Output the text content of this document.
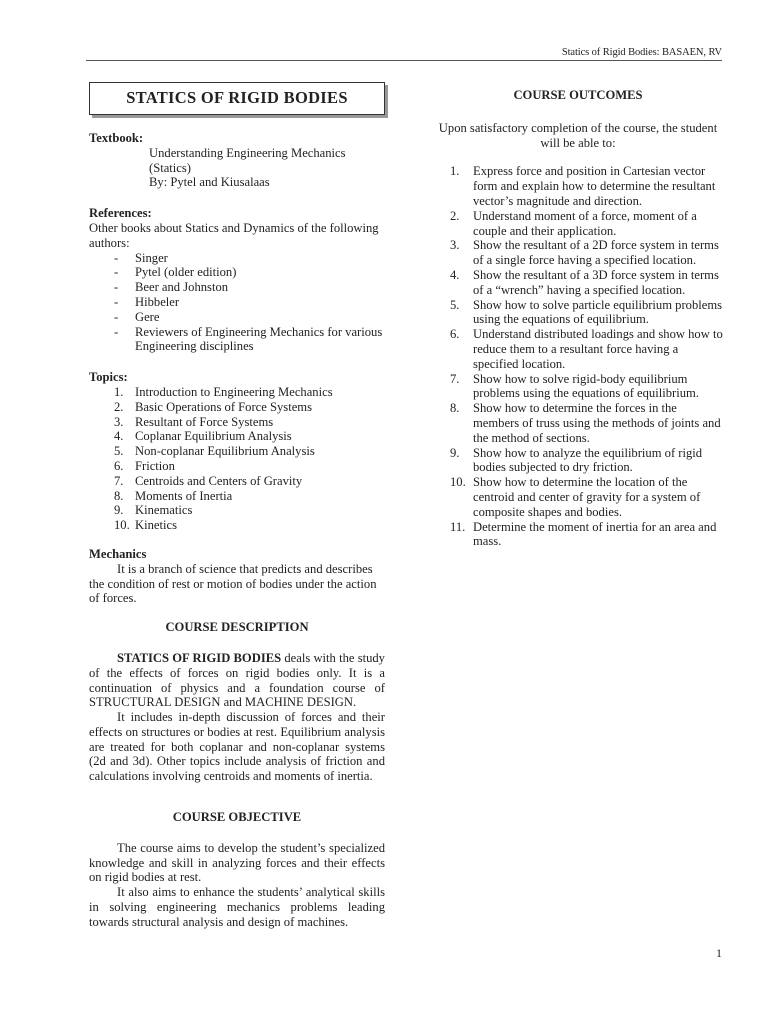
Statics of Rigid Bodies: BASAEN, RV
STATICS OF RIGID BODIES
Textbook:
Understanding Engineering Mechanics (Statics)
By: Pytel and Kiusalaas
References:
Other books about Statics and Dynamics of the following authors:
-	Singer
-	Pytel (older edition)
-	Beer and Johnston
-	Hibbeler
-	Gere
-	Reviewers of Engineering Mechanics for various Engineering disciplines
Topics:
1. Introduction to Engineering Mechanics
2. Basic Operations of Force Systems
3. Resultant of Force Systems
4. Coplanar Equilibrium Analysis
5. Non-coplanar Equilibrium Analysis
6. Friction
7. Centroids and Centers of Gravity
8. Moments of Inertia
9. Kinematics
10. Kinetics
Mechanics
It is a branch of science that predicts and describes the condition of rest or motion of bodies under the action of forces.
COURSE DESCRIPTION
STATICS OF RIGID BODIES deals with the study of the effects of forces on rigid bodies only. It is a continuation of physics and a foundation course of STRUCTURAL DESIGN and MACHINE DESIGN.
It includes in-depth discussion of forces and their effects on structures or bodies at rest. Equilibrium analysis are treated for both coplanar and non-coplanar systems (2d and 3d). Other topics include analysis of friction and calculations involving centroids and moments of inertia.
COURSE OBJECTIVE
The course aims to develop the student’s specialized knowledge and skill in analyzing forces and their effects on rigid bodies at rest.
It also aims to enhance the students’ analytical skills in solving engineering mechanics problems leading towards structural analysis and design of machines.
COURSE OUTCOMES
Upon satisfactory completion of the course, the student will be able to:
1.	Express force and position in Cartesian vector form and explain how to determine the resultant vector’s magnitude and direction.
2.	Understand moment of a force, moment of a couple and their application.
3.	Show the resultant of a 2D force system in terms of a single force having a specified location.
4.	Show the resultant of a 3D force system in terms of a “wrench” having a specified location.
5.	Show how to solve particle equilibrium problems using the equations of equilibrium.
6.	Understand distributed loadings and show how to reduce them to a resultant force having a specified location.
7.	Show how to solve rigid-body equilibrium problems using the equations of equilibrium.
8.	Show how to determine the forces in the members of truss using the methods of joints and the method of sections.
9.	Show how to analyze the equilibrium of rigid bodies subjected to dry friction.
10. Show how to determine the location of the centroid and center of gravity for a system of composite shapes and bodies.
11. Determine the moment of inertia for an area and mass.
1
